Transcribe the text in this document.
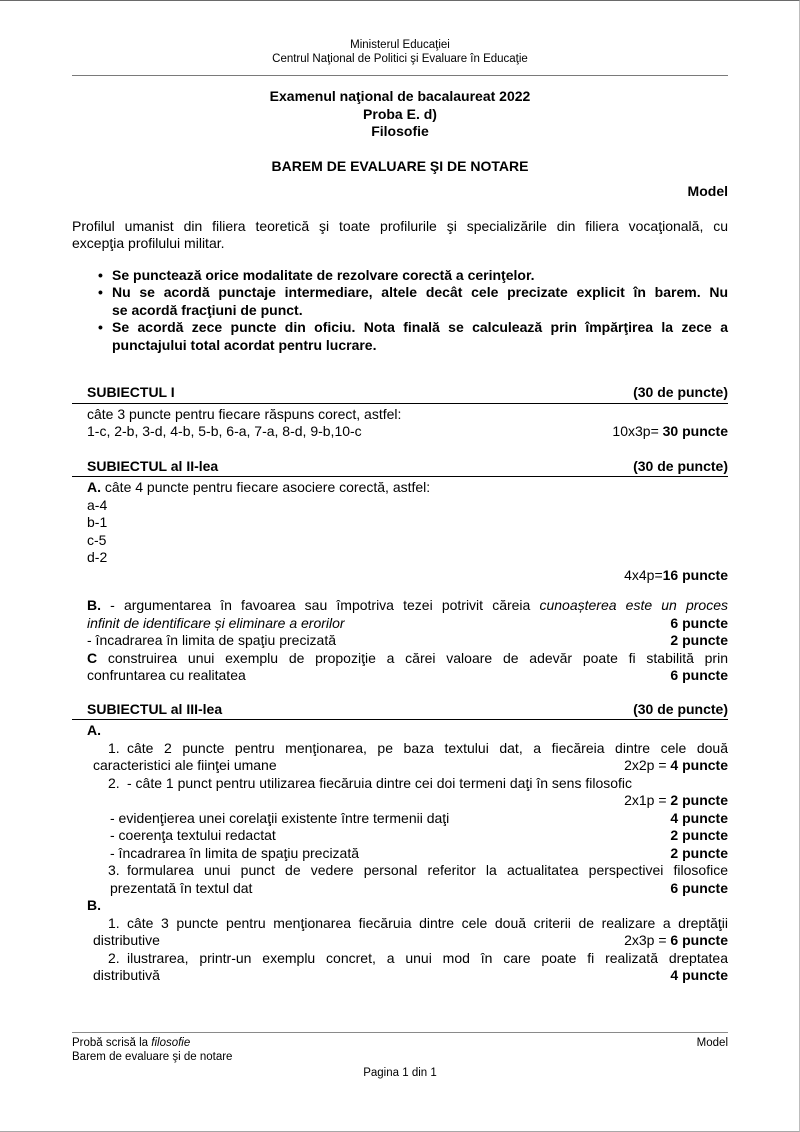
Ministerul Educaţiei
Centrul Naţional de Politici şi Evaluare în Educaţie
Examenul naţional de bacalaureat 2022
Proba E. d)
Filosofie
BAREM DE EVALUARE ŞI DE NOTARE
Model
Profilul umanist din filiera teoretică şi toate profilurile şi specializările din filiera vocaţională, cu
excepţia profilului militar.
• Se punctează orice modalitate de rezolvare corectă a cerinţelor.
• Nu se acordă punctaje intermediare, altele decât cele precizate explicit în barem. Nu
se acordă fracţiuni de punct.
• Se acordă zece puncte din oficiu. Nota finală se calculează prin împărţirea la zece a
punctajului total acordat pentru lucrare.
SUBIECTUL I	(30 de puncte)
câte 3 puncte pentru fiecare răspuns corect, astfel:
1-c, 2-b, 3-d, 4-b, 5-b, 6-a, 7-a, 8-d, 9-b,10-c	10x3p= 30 puncte
SUBIECTUL al II-lea	(30 de puncte)
A. câte 4 puncte pentru fiecare asociere corectă, astfel:
a-4
b-1
c-5
d-2
4x4p=16 puncte
B. - argumentarea în favoarea sau împotriva tezei potrivit căreia cunoașterea este un proces
infinit de identificare și eliminare a erorilor	6 puncte
- încadrarea în limita de spaţiu precizată	2 puncte
C construirea unui exemplu de propoziţie a cărei valoare de adevăr poate fi stabilită prin
confruntarea cu realitatea	6 puncte
SUBIECTUL al III-lea	(30 de puncte)
A.
1. câte 2 puncte pentru menţionarea, pe baza textului dat, a fiecăreia dintre cele două
caracteristici ale fiinţei umane	2x2p = 4 puncte
2. - câte 1 punct pentru utilizarea fiecăruia dintre cei doi termeni daţi în sens filosofic
2x1p = 2 puncte
- evidenţierea unei corelaţii existente între termenii daţi	4 puncte
- coerenţa textului redactat	2 puncte
- încadrarea în limita de spaţiu precizată	2 puncte
3. formularea unui punct de vedere personal referitor la actualitatea perspectivei filosofice
prezentată în textul dat	6 puncte
B.
1. câte 3 puncte pentru menţionarea fiecăruia dintre cele două criterii de realizare a dreptăţii
distributive	2x3p = 6 puncte
2. ilustrarea, printr-un exemplu concret, a unui mod în care poate fi realizată dreptatea
distributivă	4 puncte
Probă scrisă la filosofie	Model
Barem de evaluare şi de notare
Pagina 1 din 1
